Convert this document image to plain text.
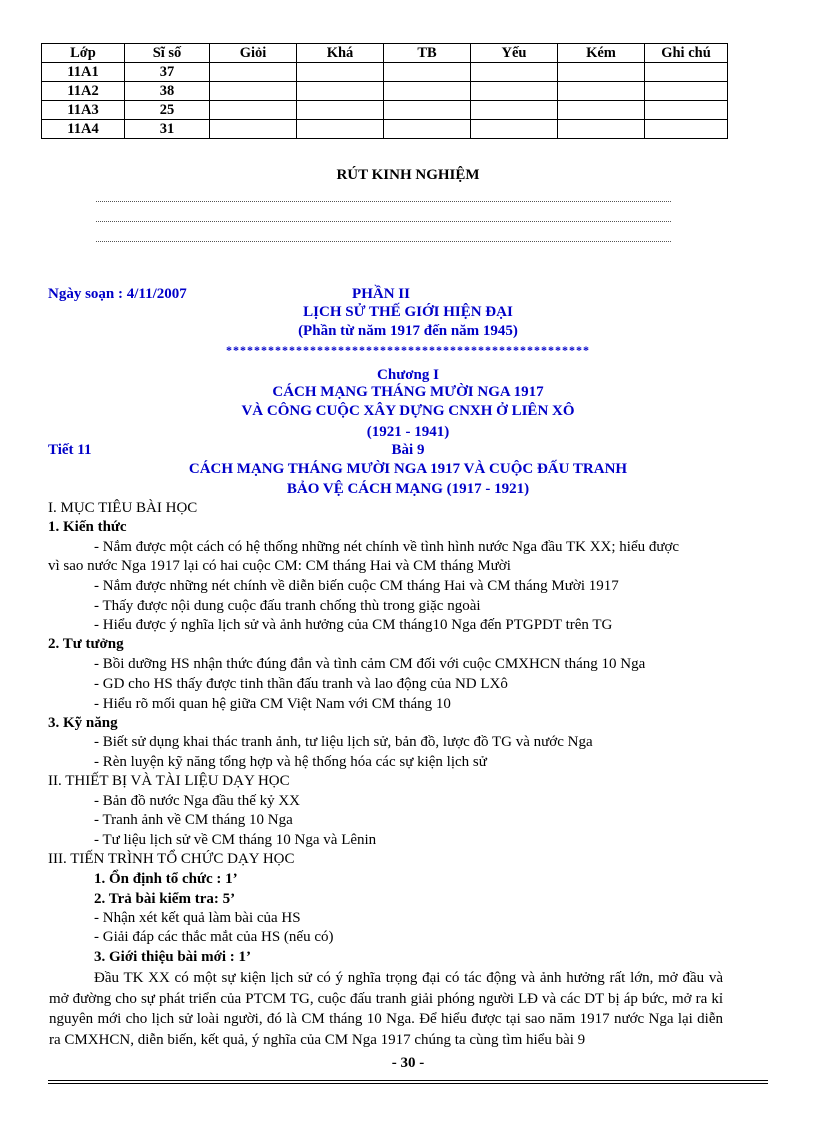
Lớp	Sĩ số	Giỏi	Khá	TB	Yếu	Kém	Ghi chú
11A1	37						
11A2	38						
11A3	25						
11A4	31						
RÚT KINH NGHIỆM
Ngày soạn : 4/11/2007	PHẦN II
LỊCH SỬ THẾ GIỚI HIỆN ĐẠI
(Phần từ năm 1917 đến năm 1945)
****************************************************
Chương I
CÁCH MẠNG THÁNG MƯỜI NGA 1917
VÀ CÔNG CUỘC XÂY DỰNG CNXH Ở LIÊN XÔ
(1921 - 1941)
Tiết 11	Bài 9
CÁCH MẠNG THÁNG MƯỜI NGA 1917 VÀ CUỘC ĐẤU TRANH
BẢO VỆ CÁCH MẠNG (1917 - 1921)
I. MỤC TIÊU BÀI HỌC
1. Kiến thức
- Nắm được một cách có hệ thống những nét chính về tình hình nước Nga đầu TK XX; hiểu được
vì sao nước Nga 1917 lại có hai cuộc CM: CM tháng Hai và CM tháng Mười
- Nắm được những nét chính về diễn biến cuộc CM tháng Hai và CM tháng Mười 1917
- Thấy được nội dung cuộc đấu tranh chống thù trong giặc ngoài
- Hiểu được ý nghĩa lịch sử và ảnh hưởng của CM tháng10 Nga đến PTGPDT trên TG
2. Tư tưởng
- Bồi dưỡng HS nhận thức đúng đắn và tình cảm CM đối với cuộc CMXHCN tháng 10 Nga
- GD cho HS thấy được tinh thần đấu tranh và lao động của ND LXô
- Hiểu rõ mối quan hệ giữa CM Việt Nam với CM tháng 10
3. Kỹ năng
- Biết sử dụng khai thác tranh ảnh, tư liệu lịch sử, bản đồ, lược đồ TG và nước Nga
- Rèn luyện kỹ năng tổng hợp và hệ thống hóa các sự kiện lịch sử
II. THIẾT BỊ VÀ TÀI LIỆU DẠY HỌC
- Bản đồ nước Nga đầu thế kỷ XX
- Tranh ảnh về CM tháng 10 Nga
- Tư liệu lịch sử về CM tháng 10 Nga và Lênin
III. TIẾN TRÌNH TỔ CHỨC DẠY HỌC
1. Ổn định tổ chức : 1’
2. Trả bài kiểm tra: 5’
- Nhận xét kết quả làm bài của HS
- Giải đáp các thắc mắt của HS (nếu có)
3. Giới thiệu bài mới : 1’
Đầu TK XX có một sự kiện lịch sử có ý nghĩa trọng đại có tác động và ảnh hưởng rất lớn, mở đầu và mở đường cho sự phát triển của PTCM TG, cuộc đấu tranh giải phóng người LĐ và các DT bị áp bức, mở ra kỉ nguyên mới cho lịch sử loài người, đó là CM tháng 10 Nga. Để hiểu được tại sao năm 1917 nước Nga lại diễn ra CMXHCN, diễn biến, kết quả, ý nghĩa của CM Nga 1917 chúng ta cùng tìm hiểu bài 9
- 30 -
